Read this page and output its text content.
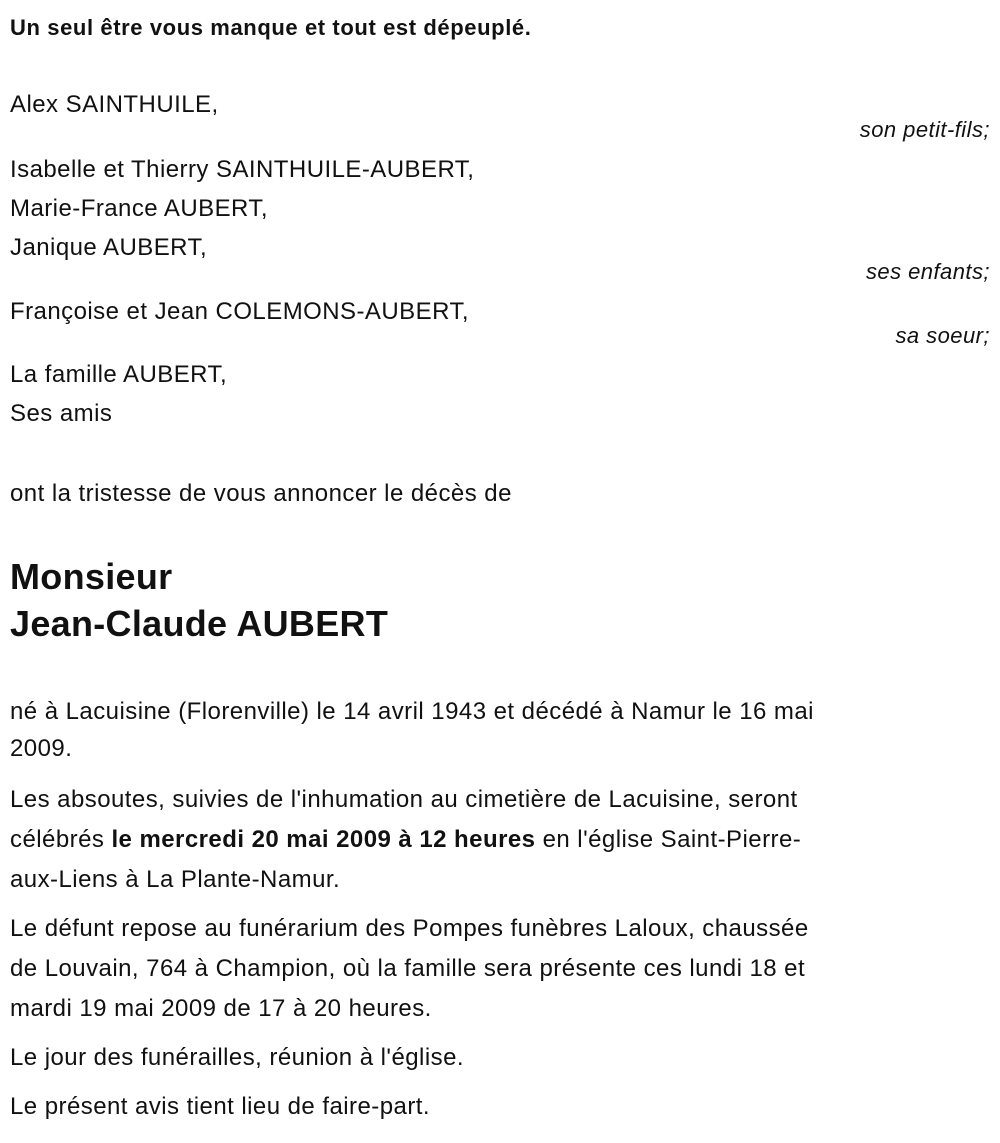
Un seul être vous manque et tout est dépeuplé.
Alex SAINTHUILE,
son petit-fils;
Isabelle et Thierry SAINTHUILE-AUBERT,
Marie-France AUBERT,
Janique AUBERT,
ses enfants;
Françoise et Jean COLEMONS-AUBERT,
sa soeur;
La famille AUBERT,
Ses amis
ont la tristesse de vous annoncer le décès de
Monsieur
Jean-Claude AUBERT
né à Lacuisine (Florenville) le 14 avril 1943 et décédé à Namur le 16 mai
2009.
Les absoutes, suivies de l'inhumation au cimetière de Lacuisine, seront
célébrés le mercredi 20 mai 2009 à 12 heures en l'église Saint-Pierre-
aux-Liens à La Plante-Namur.
Le défunt repose au funérarium des Pompes funèbres Laloux, chaussée
de Louvain, 764 à Champion, où la famille sera présente ces lundi 18 et
mardi 19 mai 2009 de 17 à 20 heures.
Le jour des funérailles, réunion à l'église.
Le présent avis tient lieu de faire-part.
